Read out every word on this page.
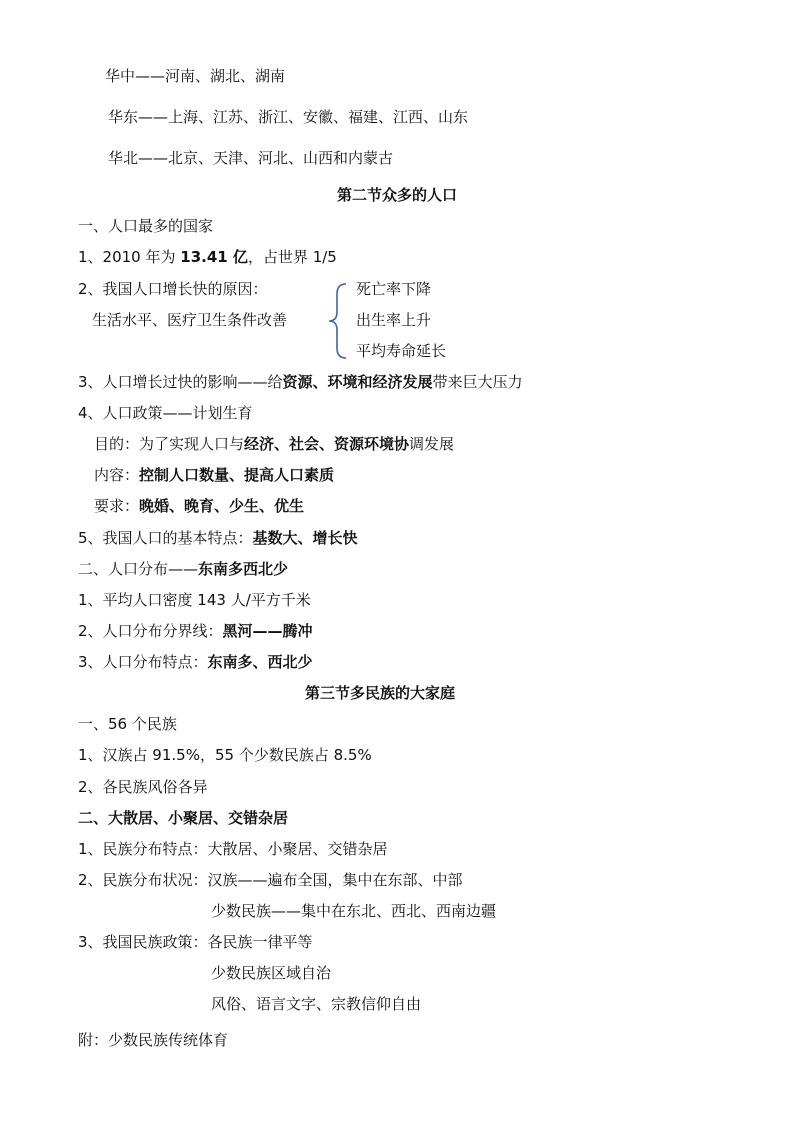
华中——河南、湖北、湖南
华东——上海、江苏、浙江、安徽、福建、江西、山东
华北——北京、天津、河北、山西和内蒙古
第二节众多的人口
一、人口最多的国家
1、2010 年为 13.41 亿，占世界 1/5
2、我国人口增长快的原因：
生活水平、医疗卫生条件改善
死亡率下降
出生率上升
平均寿命延长
3、人口增长过快的影响——给资源、环境和经济发展带来巨大压力
4、人口政策——计划生育
目的：为了实现人口与经济、社会、资源环境协调发展
内容：控制人口数量、提高人口素质
要求：晚婚、晚育、少生、优生
5、我国人口的基本特点：基数大、增长快
二、人口分布——东南多西北少
1、平均人口密度 143 人/平方千米
2、人口分布分界线：黑河——腾冲
3、人口分布特点：东南多、西北少
第三节多民族的大家庭
一、56 个民族
1、汉族占 91.5%，55 个少数民族占 8.5%
2、各民族风俗各异
二、大散居、小聚居、交错杂居
1、民族分布特点：大散居、小聚居、交错杂居
2、民族分布状况：汉族——遍布全国，集中在东部、中部
少数民族——集中在东北、西北、西南边疆
3、我国民族政策：各民族一律平等
少数民族区域自治
风俗、语言文字、宗教信仰自由
附：少数民族传统体育
